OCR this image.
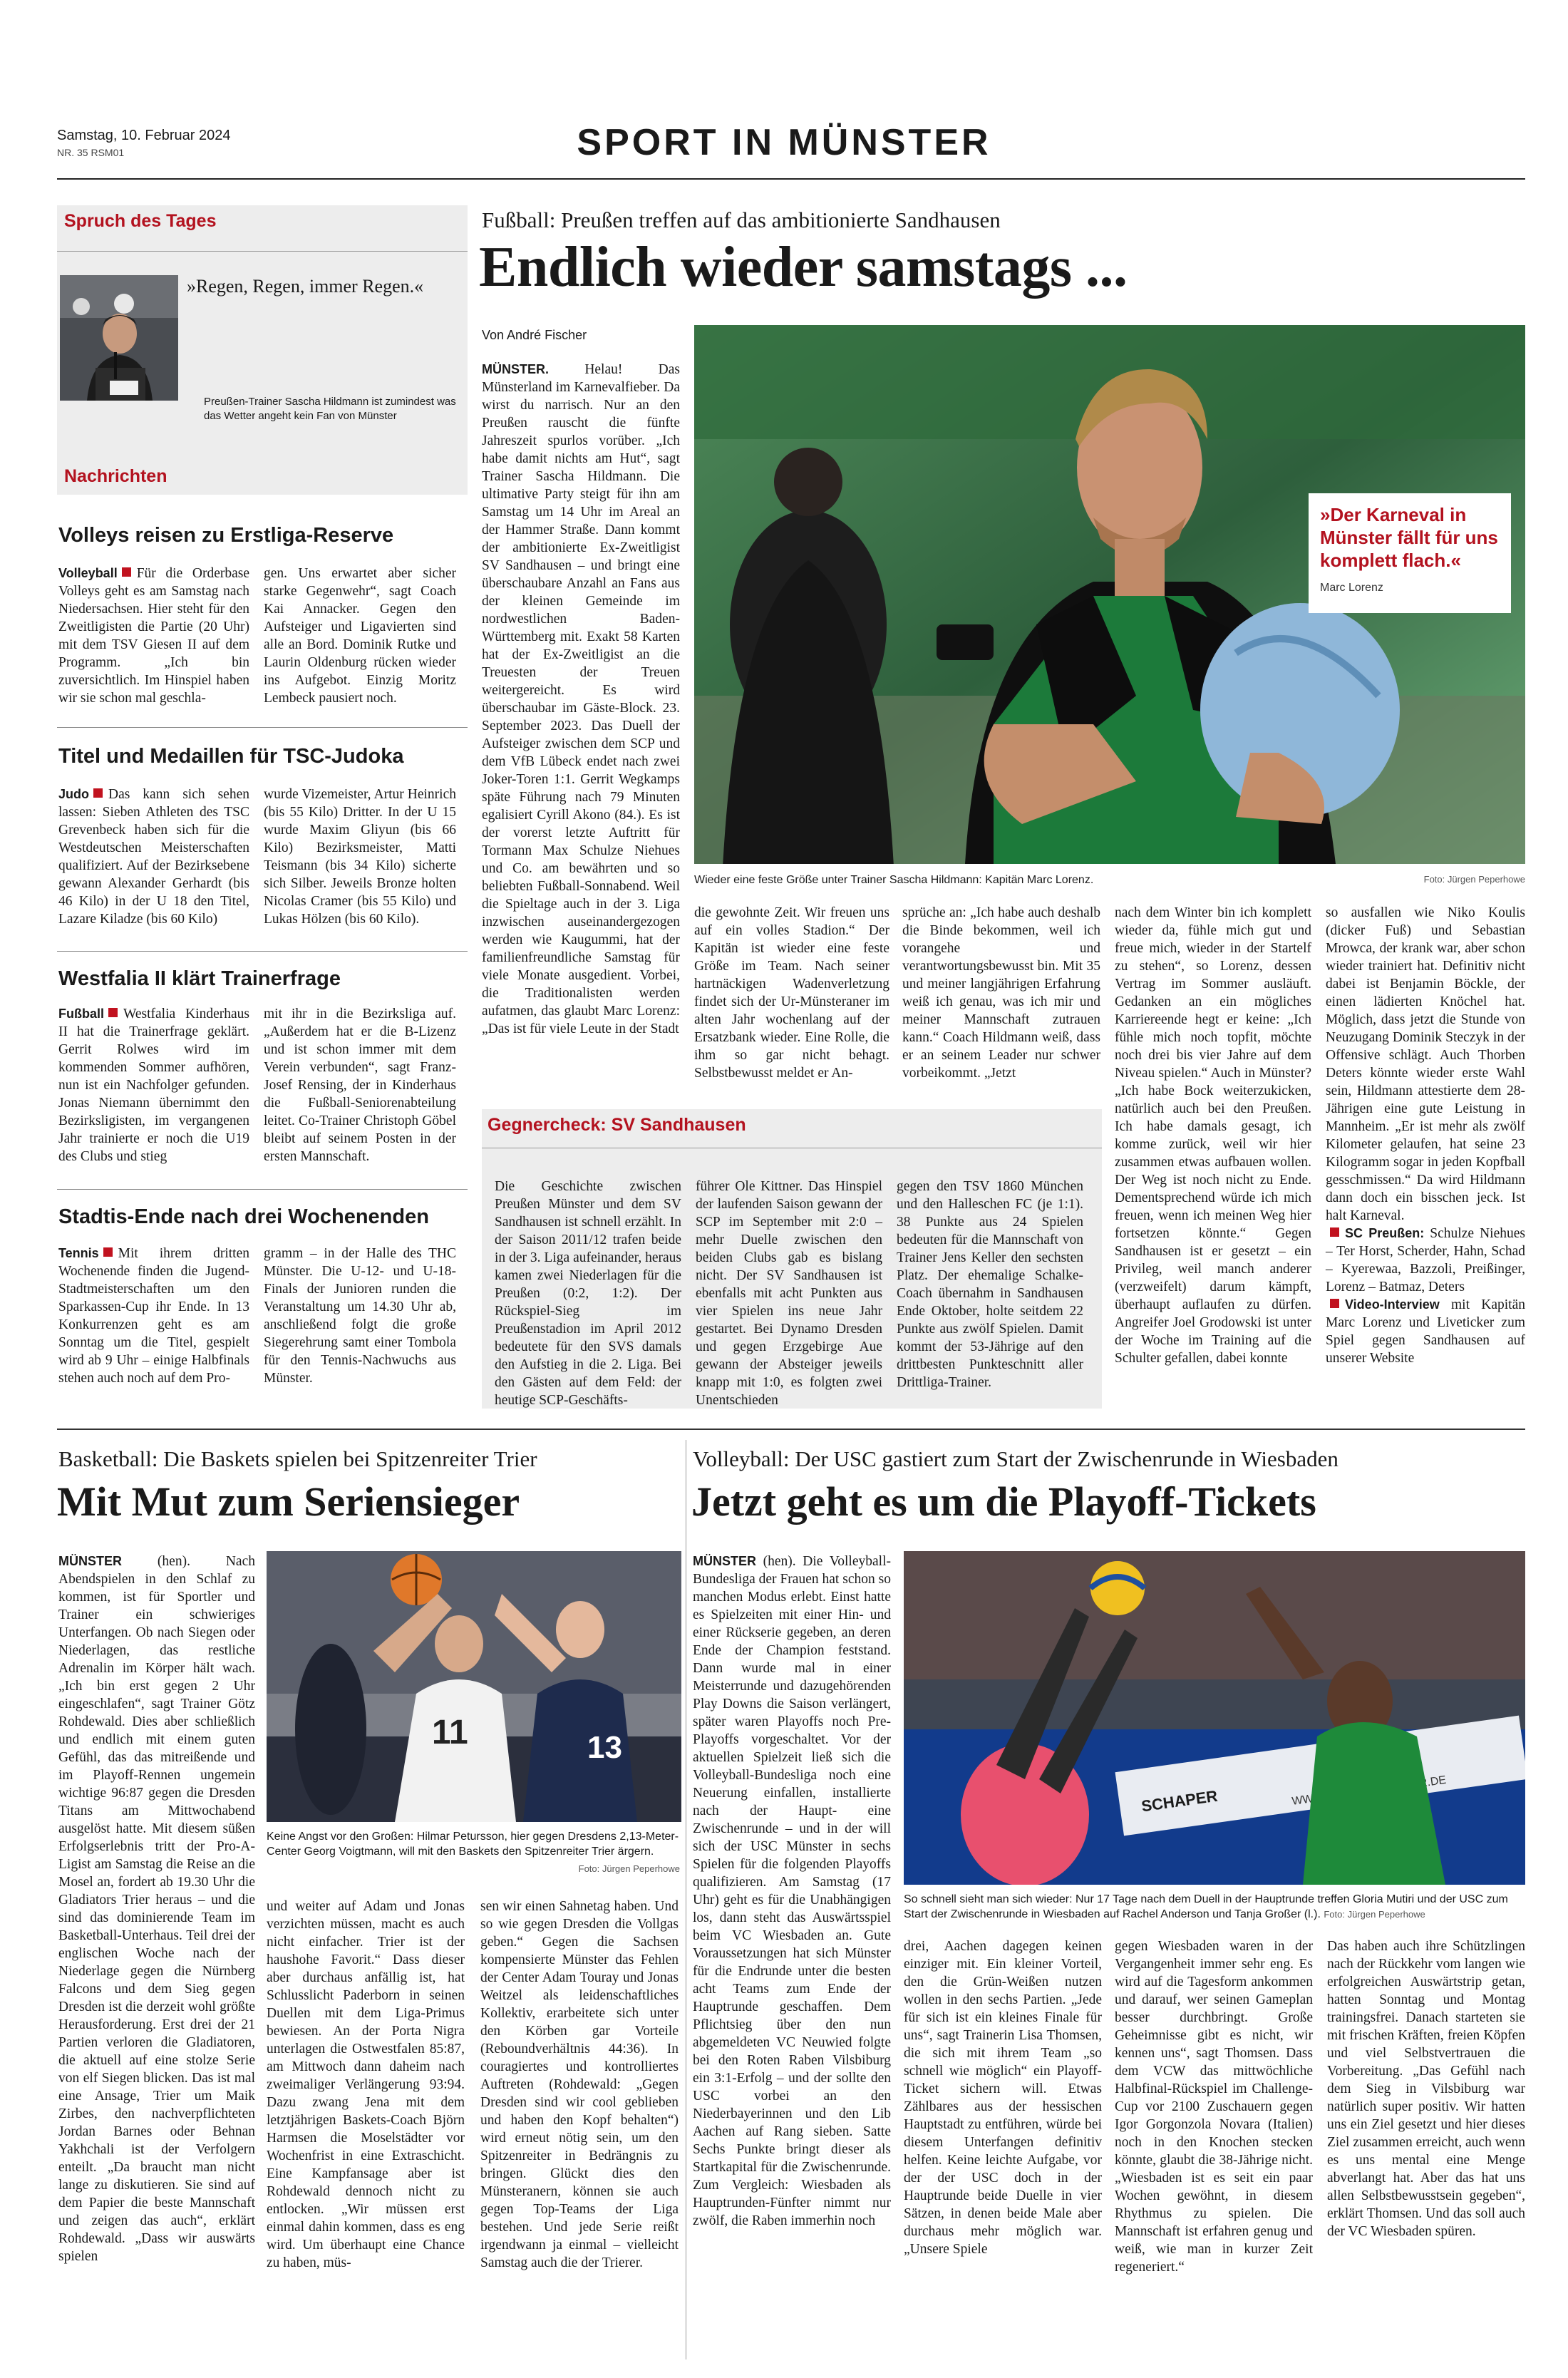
Samstag, 10. Februar 2024
NR. 35 RSM01	SPORT IN MÜNSTER
Spruch des Tages
»Regen, Regen, immer Regen.«
Preußen-Trainer Sascha Hildmann ist zumindest was das Wetter angeht kein Fan von Münster
Nachrichten
Volleys reisen zu Erstliga-Reserve
Volleyball Für die Orderbase Volleys geht es am Samstag nach Niedersachsen. Hier steht für den Zweitligisten die Partie (20 Uhr) mit dem TSV Giesen II auf dem Programm. „Ich bin zuversichtlich. Im Hinspiel haben wir sie schon mal geschla-
gen. Uns erwartet aber sicher starke Gegenwehr“, sagt Coach Kai Annacker. Gegen den Aufsteiger und Ligavierten sind alle an Bord. Dominik Rutke und Laurin Oldenburg rücken wieder ins Aufgebot. Einzig Moritz Lembeck pausiert noch.
Titel und Medaillen für TSC-Judoka
Judo Das kann sich sehen lassen: Sieben Athleten des TSC Grevenbeck haben sich für die Westdeutschen Meisterschaften qualifiziert. Auf der Bezirksebene gewann Alexander Gerhardt (bis 46 Kilo) in der U 18 den Titel, Lazare Kiladze (bis 60 Kilo)
wurde Vizemeister, Artur Heinrich (bis 55 Kilo) Dritter. In der U 15 wurde Maxim Gliyun (bis 66 Kilo) Bezirksmeister, Matti Teismann (bis 34 Kilo) sicherte sich Silber. Jeweils Bronze holten Nicolas Cramer (bis 55 Kilo) und Lukas Hölzen (bis 60 Kilo).
Westfalia II klärt Trainerfrage
Fußball Westfalia Kinderhaus II hat die Trainerfrage geklärt. Gerrit Rolwes wird im kommenden Sommer aufhören, nun ist ein Nachfolger gefunden. Jonas Niemann übernimmt den Bezirksligisten, im vergangenen Jahr trainierte er noch die U19 des Clubs und stieg
mit ihr in die Bezirksliga auf. „Außerdem hat er die B-Lizenz und ist schon immer mit dem Verein verbunden“, sagt Franz-Josef Rensing, der in Kinderhaus die Fußball-Seniorenabteilung leitet. Co-Trainer Christoph Göbel bleibt auf seinem Posten in der ersten Mannschaft.
Stadtis-Ende nach drei Wochenenden
Tennis Mit ihrem dritten Wochenende finden die Jugend-Stadtmeisterschaften um den Sparkassen-Cup ihr Ende. In 13 Konkurrenzen geht es am Sonntag um die Titel, gespielt wird ab 9 Uhr – einige Halbfinals stehen auch noch auf dem Pro-
gramm – in der Halle des THC Münster. Die U-12- und U-18-Finals der Junioren runden die Veranstaltung um 14.30 Uhr ab, anschließend folgt die große Siegerehrung samt einer Tombola für den Tennis-Nachwuchs aus Münster.
Fußball: Preußen treffen auf das ambitionierte Sandhausen
Endlich wieder samstags ...
Von André Fischer
MÜNSTER.	Helau! Das Münsterland im Karnevalfieber. Da wirst du narrisch. Nur an den Preußen rauscht die fünfte Jahreszeit spurlos vorüber. „Ich habe damit nichts am Hut“, sagt Trainer Sascha Hildmann. Die ultimative Party steigt für ihn am Samstag um 14 Uhr im Areal an der Hammer Straße. Dann kommt der ambitionierte Ex-Zweitligist SV Sandhausen – und bringt eine überschaubare Anzahl an Fans aus der kleinen Gemeinde im nordwestlichen Baden-Württemberg mit. Exakt 58 Karten hat der Ex-Zweitligist an die Treuesten der Treuen weitergereicht. Es wird überschaubar im Gäste-Block. 23. September 2023. Das Duell der Aufsteiger zwischen dem SCP und dem VfB Lübeck endet nach zwei Joker-Toren 1:1. Gerrit Wegkamps späte Führung nach 79 Minuten egalisiert Cyrill Akono (84.). Es ist der vorerst letzte Auftritt für Tormann Max Schulze Niehues und Co. am bewährten und so beliebten Fußball-Sonnabend. Weil die Spieltage auch in der 3. Liga inzwischen auseinandergezogen werden wie Kaugummi, hat der familienfreundliche Samstag für viele Monate ausgedient. Vorbei, die Traditionalisten werden aufatmen, das glaubt Marc Lorenz: „Das ist für viele Leute in der Stadt
»Der Karneval in Münster fällt für uns komplett flach.«
Marc Lorenz
Wieder eine feste Größe unter Trainer Sascha Hildmann: Kapitän Marc Lorenz.	Foto: Jürgen Peperhowe
die gewohnte Zeit. Wir freuen uns auf ein volles Stadion.“ Der Kapitän ist wieder eine feste Größe im Team. Nach seiner hartnäckigen Wadenverletzung findet sich der Ur-Münsteraner im alten Jahr wochenlang auf der Ersatzbank wieder. Eine Rolle, die ihm so gar nicht behagt. Selbstbewusst meldet er An-
sprüche an: „Ich habe auch deshalb die Binde bekommen, weil ich vorangehe und verantwortungsbewusst bin. Mit 35 und meiner langjährigen Erfahrung weiß ich genau, was ich mir und meiner Mannschaft zutrauen kann.“ Coach Hildmann weiß, dass er an seinem Leader nur schwer vorbeikommt. „Jetzt
nach dem Winter bin ich komplett wieder da, fühle mich gut und freue mich, wieder in der Startelf zu stehen“, so Lorenz, dessen Vertrag im Sommer ausläuft. Gedanken an ein mögliches Karriereende hegt er keine: „Ich fühle mich noch topfit, möchte noch drei bis vier Jahre auf dem Niveau spielen.“ Auch in Münster? „Ich habe Bock weiterzukicken, natürlich auch bei den Preußen. Ich habe damals gesagt, ich komme zurück, weil wir hier zusammen etwas aufbauen wollen. Der Weg ist noch nicht zu Ende. Dementsprechend würde ich mich freuen, wenn ich meinen Weg hier fortsetzen könnte.“ Gegen Sandhausen ist er gesetzt – ein Privileg, weil manch anderer (verzweifelt) darum kämpft, überhaupt auflaufen zu dürfen. Angreifer Joel Grodowski ist unter der Woche im Training auf die Schulter gefallen, dabei konnte
so ausfallen wie Niko Koulis (dicker Fuß) und Sebastian Mrowca, der krank war, aber schon wieder trainiert hat. Definitiv nicht dabei ist Benjamin Böckle, der einen lädierten Knöchel hat. Möglich, dass jetzt die Stunde von Neuzugang Dominik Steczyk in der Offensive schlägt. Auch Thorben Deters könnte wieder erste Wahl sein, Hildmann attestierte dem 28-Jährigen eine gute Leistung in Mannheim. „Er ist mehr als zwölf Kilometer gelaufen, hat seine 23 Kilogramm sogar in jeden Kopfball gesschmissen.“ Da wird Hildmann dann doch ein bisschen jeck. Ist halt Karneval.
SC Preußen: Schulze Niehues – Ter Horst, Scherder, Hahn, Schad – Kyerewaa, Bazzoli, Preißinger, Lorenz – Batmaz, Deters
Video-Interview mit Kapitän Marc Lorenz und Liveticker zum Spiel gegen Sandhausen auf unserer Website
Gegnercheck: SV Sandhausen
Die Geschichte zwischen Preußen Münster und dem SV Sandhausen ist schnell erzählt. In der Saison 2011/12 trafen beide in der 3. Liga aufeinander, heraus kamen zwei Niederlagen für die Preußen (0:2, 1:2). Der Rückspiel-Sieg im Preußenstadion im April 2012 bedeutete für den SVS damals den Aufstieg in die 2. Liga. Bei den Gästen auf dem Feld: der heutige SCP-Geschäfts-
führer Ole Kittner. Das Hinspiel der laufenden Saison gewann der SCP im September mit 2:0 – mehr Duelle zwischen den beiden Clubs gab es bislang nicht. Der SV Sandhausen ist ebenfalls mit acht Punkten aus vier Spielen ins neue Jahr gestartet. Bei Dynamo Dresden und gegen Erzgebirge Aue gewann der Absteiger jeweils knapp mit 1:0, es folgten zwei Unentschieden
gegen den TSV 1860 München und den Halleschen FC (je 1:1). 38 Punkte aus 24 Spielen bedeuten für die Mannschaft von Trainer Jens Keller den sechsten Platz. Der ehemalige Schalke-Coach übernahm in Sandhausen Ende Oktober, holte seitdem 22 Punkte aus zwölf Spielen. Damit kommt der 53-Jährige auf den drittbesten Punkteschnitt aller Drittliga-Trainer.
Basketball: Die Baskets spielen bei Spitzenreiter Trier
Mit Mut zum Seriensieger
MÜNSTER	(hen). Nach Abendspielen in den Schlaf zu kommen, ist für Sportler und Trainer ein schwieriges Unterfangen. Ob nach Siegen oder Niederlagen, das restliche Adrenalin im Körper hält wach. „Ich bin erst gegen 2 Uhr eingeschlafen“, sagt Trainer Götz Rohdewald. Dies aber schließlich und endlich mit einem guten Gefühl, das das mitreißende und im Playoff-Rennen ungemein wichtige 96:87 gegen die Dresden Titans am Mittwochabend ausgelöst hatte. Mit diesem süßen Erfolgserlebnis tritt der Pro-A-Ligist am Samstag die Reise an die Mosel an, fordert ab 19.30 Uhr die Gladiators Trier heraus – und die sind das dominierende Team im Basketball-Unterhaus. Teil drei der englischen Woche nach der Niederlage gegen die Nürnberg Falcons und dem Sieg gegen Dresden ist die derzeit wohl größte Herausforderung. Erst drei der 21 Partien verloren die Gladiatoren, die aktuell auf eine stolze Serie von elf Siegen blicken. Das ist mal eine Ansage, Trier um Maik Zirbes, den nachverpflichteten Jordan Barnes oder Behnan Yakhchali ist der Verfolgern enteilt. „Da braucht man nicht lange zu diskutieren. Sie sind auf dem Papier die beste Mannschaft und zeigen das auch“, erklärt Rohdewald. „Dass wir auswärts spielen
11	13
Keine Angst vor den Großen: Hilmar Petursson, hier gegen Dresdens 2,13-Meter-Center Georg Voigtmann, will mit den Baskets den Spitzenreiter Trier ärgern.
Foto: Jürgen Peperhowe
und weiter auf Adam und Jonas verzichten müssen, macht es auch nicht einfacher. Trier ist der haushohe Favorit.“ Dass dieser aber durchaus anfällig ist, hat Schlusslicht Paderborn in seinen Duellen mit dem Liga-Primus bewiesen. An der Porta Nigra unterlagen die Ostwestfalen 85:87, am Mittwoch dann daheim nach zweimaliger Verlängerung 93:94. Dazu zwang Jena mit dem letztjährigen Baskets-Coach Björn Harmsen die Moselstädter vor Wochenfrist in eine Extraschicht. Eine Kampfansage aber ist Rohdewald dennoch nicht zu entlocken. „Wir müssen erst einmal dahin kommen, dass es eng wird. Um überhaupt eine Chance zu haben, müs-
sen wir einen Sahnetag haben. Und so wie gegen Dresden die Vollgas geben.“ Gegen die Sachsen kompensierte Münster das Fehlen der Center Adam Touray und Jonas Weitzel als leidenschaftliches Kollektiv, erarbeitete sich unter den Körben gar Vorteile (Reboundverhältnis 44:36). In couragiertes und kontrolliertes Auftreten (Rohdewald: „Gegen Dresden sind wir cool geblieben und haben den Kopf behalten“) wird erneut nötig sein, um den Spitzenreiter in Bedrängnis zu bringen. Glückt dies den Münsteranern, können sie auch gegen Top-Teams der Liga bestehen. Und jede Serie reißt irgendwann ja einmal – vielleicht Samstag auch die der Trierer.
Volleyball: Der USC gastiert zum Start der Zwischenrunde in Wiesbaden
Jetzt geht es um die Playoff-Tickets
MÜNSTER (hen). Die Volleyball-Bundesliga der Frauen hat schon so manchen Modus erlebt. Einst hatte es Spielzeiten mit einer Hin- und einer Rückserie gegeben, an deren Ende der Champion feststand. Dann wurde mal in einer Meisterrunde und dazugehörenden Play Downs die Saison verlängert, später waren Playoffs noch Pre-Playoffs vorgeschaltet. Vor der aktuellen Spielzeit ließ sich die Volleyball-Bundesliga noch eine Neuerung einfallen, installierte nach der Haupt- eine Zwischenrunde – und in der will sich der USC Münster in sechs Spielen für die folgenden Playoffs qualifizieren. Am Samstag (17 Uhr) geht es für die Unabhängigen los, dann steht das Auswärtsspiel beim VC Wiesbaden an. Gute Voraussetzungen hat sich Münster für die Endrunde unter die besten acht Teams zum Ende der Hauptrunde geschaffen. Dem Pflichtsieg über den nun abgemeldeten VC Neuwied folgte bei den Roten Raben Vilsbiburg ein 3:1-Erfolg – und der sollte den USC vorbei an den Niederbayerinnen und den Lib Aachen auf Rang sieben. Satte Sechs Punkte bringt dieser als Startkapital für die Zwischenrunde. Zum Vergleich: Wiesbaden als Hauptrunden-Fünfter nimmt nur zwölf, die Raben immerhin noch
SCHAPER
So schnell sieht man sich wieder: Nur 17 Tage nach dem Duell in der Hauptrunde treffen Gloria Mutiri und der USC zum Start der Zwischenrunde in Wiesbaden auf Rachel Anderson und Tanja Großer (l.). Foto: Jürgen Peperhowe
drei, Aachen dagegen keinen einziger mit. Ein kleiner Vorteil, den die Grün-Weißen nutzen wollen in den sechs Partien. „Jede für sich ist ein kleines Finale für uns“, sagt Trainerin Lisa Thomsen, die sich mit ihrem Team „so schnell wie möglich“ ein Playoff-Ticket sichern will. Etwas Zählbares aus der hessischen Hauptstadt zu entführen, würde bei diesem Unterfangen definitiv helfen. Keine leichte Aufgabe, vor der der USC doch in der Hauptrunde beide Duelle in vier Sätzen, in denen beide Male aber durchaus mehr möglich war. „Unsere Spiele
gegen Wiesbaden waren in der Vergangenheit immer sehr eng. Es wird auf die Tagesform ankommen und darauf, wer seinen Gameplan besser durchbringt. Große Geheimnisse gibt es nicht, wir kennen uns“, sagt Thomsen. Dass dem VCW das mittwöchliche Halbfinal-Rückspiel im Challenge-Cup vor 2100 Zuschauern gegen Igor Gorgonzola Novara (Italien) noch in den Knochen stecken könnte, glaubt die 38-Jährige nicht. „Wiesbaden ist es seit ein paar Wochen gewöhnt, in diesem Rhythmus zu spielen. Die Mannschaft ist erfahren genug und weiß, wie man in kurzer Zeit regeneriert.“
Das haben auch ihre Schützlingen nach der Rückkehr vom langen wie erfolgreichen Auswärtstrip getan, hatten Sonntag und Montag trainingsfrei. Danach starteten sie mit frischen Kräften, freien Köpfen und viel Selbstvertrauen die Vorbereitung. „Das Gefühl nach dem Sieg in Vilsbiburg war natürlich super positiv. Wir hatten uns ein Ziel gesetzt und hier dieses Ziel zusammen erreicht, auch wenn es uns mental eine Menge abverlangt hat. Aber das hat uns allen Selbstbewusstsein gegeben“, erklärt Thomsen. Und das soll auch der VC Wiesbaden spüren.
